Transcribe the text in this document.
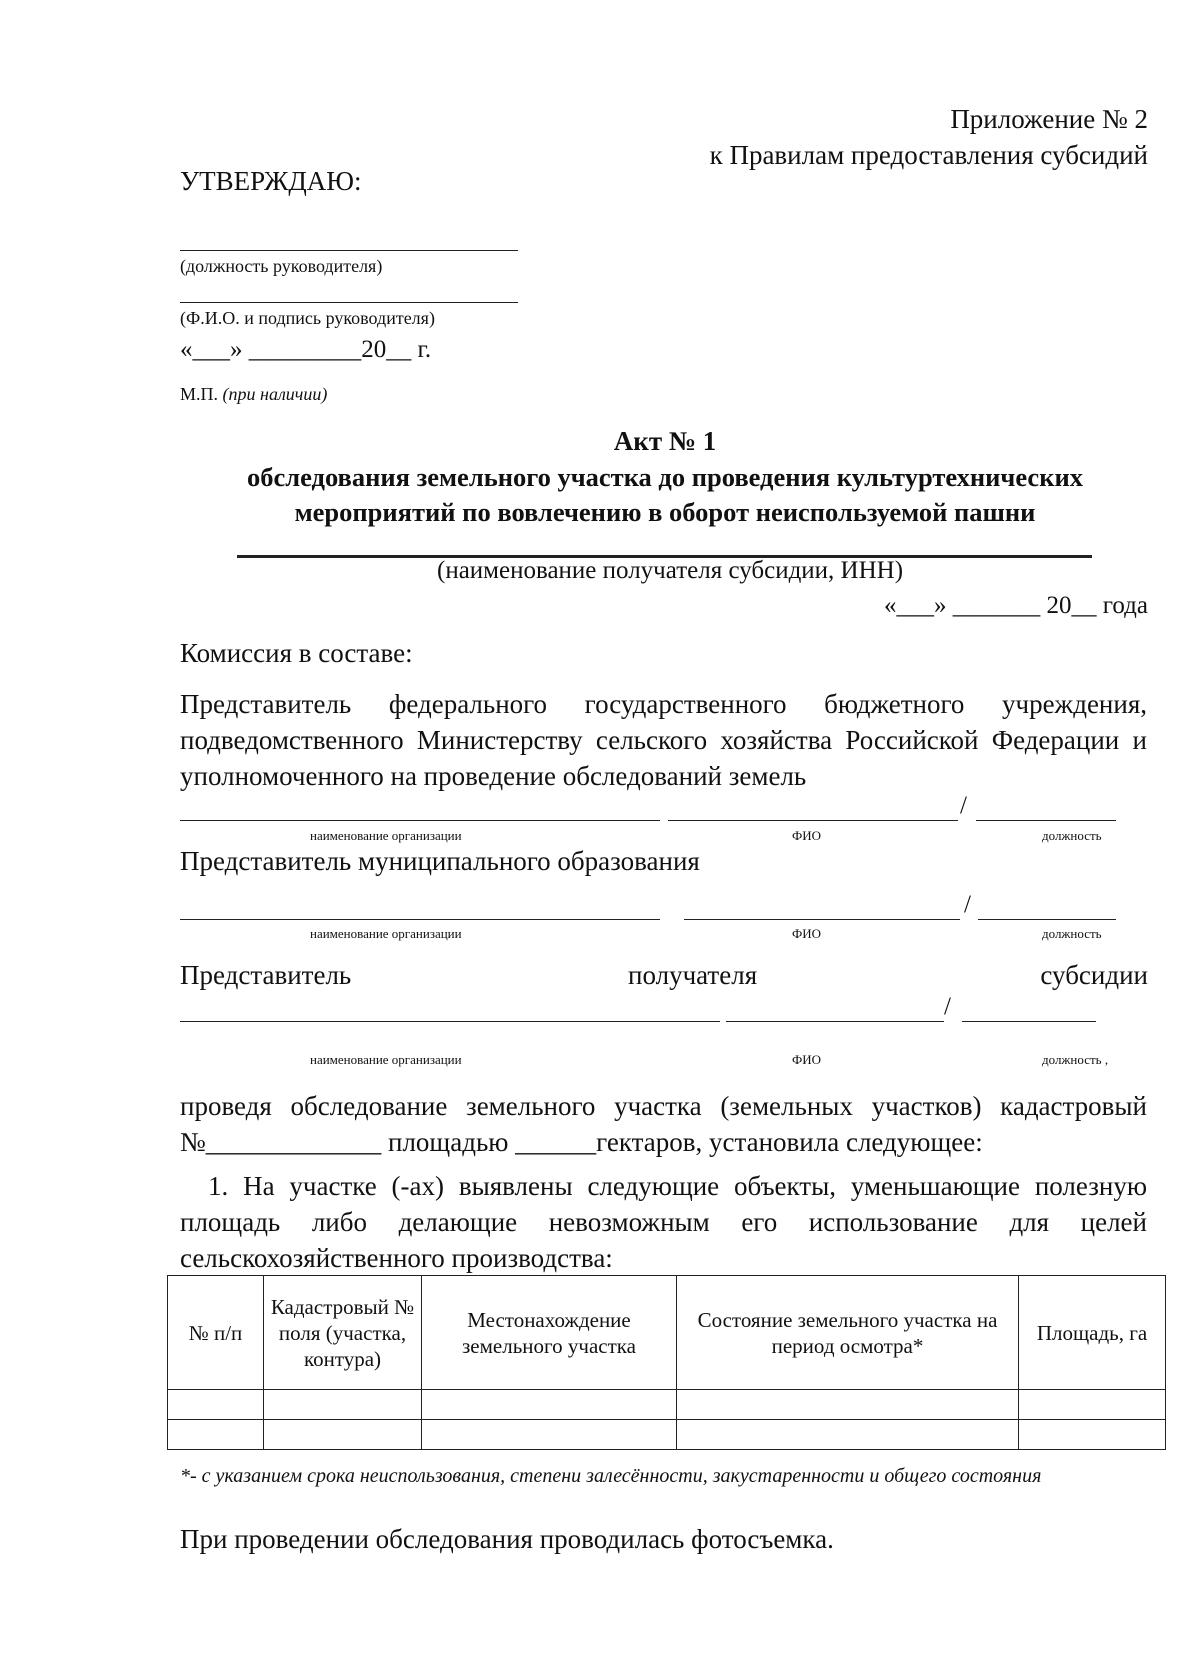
Приложение № 2
к Правилам предоставления субсидий
УТВЕРЖДАЮ:
(должность руководителя)
(Ф.И.О. и подпись руководителя)
«___» _________20__ г.
М.П. (при наличии)
Акт № 1
обследования земельного участка до проведения культуртехнических
мероприятий по вовлечению в оборот неиспользуемой пашни
(наименование получателя субсидии, ИНН)
«___» _______ 20__ года
Комиссия в составе:
Представитель федерального государственного бюджетного учреждения, подведомственного Министерству сельского хозяйства Российской Федерации и уполномоченного на проведение обследований земель
/
наименование организации	ФИО	должность
Представитель муниципального образования
/
наименование организации	ФИО	должность
Представитель	получателя	субсидии
/
наименование организации	ФИО	должность ,
проведя обследование земельного участка (земельных участков) кадастровый №_____________ площадью ______гектаров, установила следующее:
1. На участке (-ах) выявлены следующие объекты, уменьшающие полезную площадь либо делающие невозможным его использование для целей сельскохозяйственного производства:
№ п/п	Кадастровый № поля (участка, контура)	Местонахождение земельного участка	Состояние земельного участка на период осмотра*	Площадь, га

*- с указанием срока неиспользования, степени залесённости, закустаренности и общего состояния
При проведении обследования проводилась фотосъемка.
